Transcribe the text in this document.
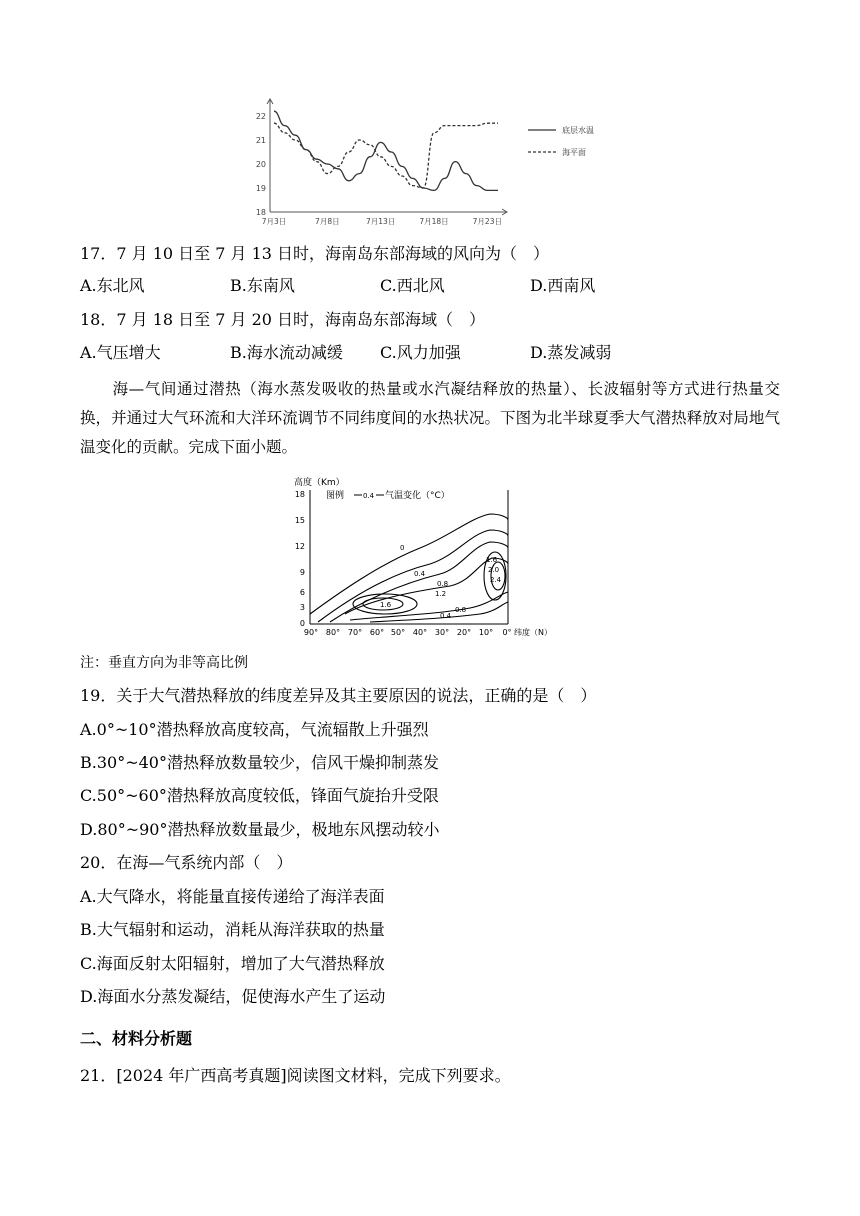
22
21
20
19
18
7月3日	7月8日	7月13日	7月18日	7月23日
底层水温
海平面
17．7 月 10 日至 7 月 13 日时，海南岛东部海域的风向为（　）
A.东北风	B.东南风	C.西北风	D.西南风
18．7 月 18 日至 7 月 20 日时，海南岛东部海域（　）
A.气压增大	B.海水流动减缓 C.风力加强	D.蒸发减弱
海—气间通过潜热（海水蒸发吸收的热量或水汽凝结释放的热量）、长波辐射等方式进行热量交换，并通过大气环流和大洋环流调节不同纬度间的水热状况。下图为北半球夏季大气潜热释放对局地气温变化的贡献。完成下面小题。
高度（Km）
图例	0.4 气温变化（°C）
18
15
12
9
6
3
0
90° 80° 70° 60° 50° 40° 30° 20° 10° 0° 纬度（N）
0
0.4
0.8
1.2
1.6
1.6
2.0
2.4
0.8
0.4
注：垂直方向为非等高比例
19．关于大气潜热释放的纬度差异及其主要原因的说法，正确的是（　）
A.0°~10°潜热释放高度较高，气流辐散上升强烈
B.30°~40°潜热释放数量较少，信风干燥抑制蒸发
C.50°~60°潜热释放高度较低，锋面气旋抬升受限
D.80°~90°潜热释放数量最少，极地东风摆动较小
20．在海—气系统内部（　）
A.大气降水，将能量直接传递给了海洋表面
B.大气辐射和运动，消耗从海洋获取的热量
C.海面反射太阳辐射，增加了大气潜热释放
D.海面水分蒸发凝结，促使海水产生了运动
二、材料分析题
21．[2024 年广西高考真题]阅读图文材料，完成下列要求。
